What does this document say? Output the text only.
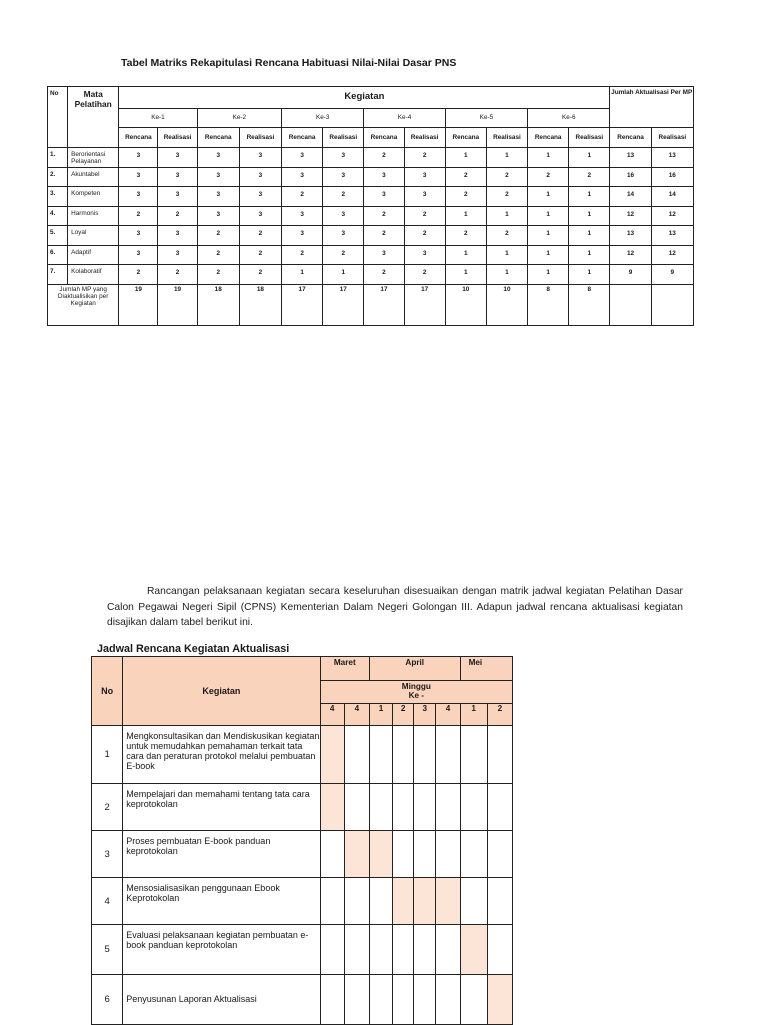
Tabel Matriks Rekapitulasi Rencana Habituasi Nilai-Nilai Dasar PNS
No	Mata Pelatihan	Kegiatan												Jumlah Aktualisasi Per MP	
		Ke-1		Ke-2		Ke-3		Ke-4		Ke-5		Ke-6			
		Rencana	Realisasi	Rencana	Realisasi	Rencana	Realisasi	Rencana	Realisasi	Rencana	Realisasi	Rencana	Realisasi	Rencana	Realisasi
1.	Berorientasi Pelayanan	3	3	3	3	3	3	2	2	1	1	1	1	13	13
2.	Akuntabel	3	3	3	3	3	3	3	3	2	2	2	2	16	16
3.	Kompeten	3	3	3	3	2	2	3	3	2	2	1	1	14	14
4.	Harmonis	2	2	3	3	3	3	2	2	1	1	1	1	12	12
5.	Loyal	3	3	2	2	3	3	2	2	2	2	1	1	13	13
6.	Adaptif	3	3	2	2	2	2	3	3	1	1	1	1	12	12
7.	Kolaboratif	2	2	2	2	1	1	2	2	1	1	1	1	9	9
Jumlah MP yang Diaktualisikan per Kegiatan		19	19	18	18	17	17	17	17	10	10	8	8		

Rancangan pelaksanaan kegiatan secara keseluruhan disesuaikan dengan matrik jadwal kegiatan Pelatihan Dasar Calon Pegawai Negeri Sipil (CPNS) Kementerian Dalam Negeri Golongan III. Adapun jadwal rencana aktualisasi kegiatan disajikan dalam tabel berikut ini.

Jadwal Rencana Kegiatan Aktualisasi
No	Kegiatan	Maret		April				Mei	
		Minggu
Ke -							
		4	4	1	2	3	4	1	2
1	Mengkonsultasikan dan Mendiskusikan kegiatan untuk memudahkan pemahaman terkait tata cara dan peraturan protokol melalui pembuatan E-book								
2	Mempelajari dan memahami tentang tata cara keprotokolan								
3	Proses pembuatan E-book panduan keprotokolan								
4	Mensosialisasikan penggunaan Ebook Keprotokolan								
5	Evaluasi pelaksanaan kegiatan pembuatan e-book panduan keprotokolan								
6	Penyusunan Laporan Aktualisasi								
